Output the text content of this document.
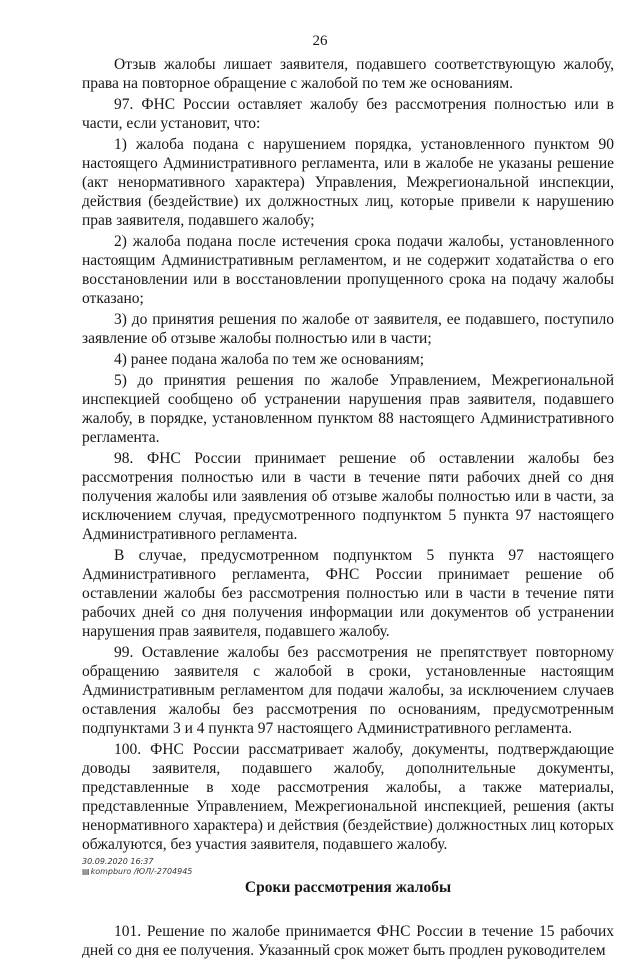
26

Отзыв жалобы лишает заявителя, подавшего соответствующую жалобу, права на повторное обращение с жалобой по тем же основаниям.

97. ФНС России оставляет жалобу без рассмотрения полностью или в части, если установит, что:

1) жалоба подана с нарушением порядка, установленного пунктом 90 настоящего Административного регламента, или в жалобе не указаны решение (акт ненормативного характера) Управления, Межрегиональной инспекции, действия (бездействие) их должностных лиц, которые привели к нарушению прав заявителя, подавшего жалобу;

2) жалоба подана после истечения срока подачи жалобы, установленного настоящим Административным регламентом, и не содержит ходатайства о его восстановлении или в восстановлении пропущенного срока на подачу жалобы отказано;

3) до принятия решения по жалобе от заявителя, ее подавшего, поступило заявление об отзыве жалобы полностью или в части;

4) ранее подана жалоба по тем же основаниям;

5) до принятия решения по жалобе Управлением, Межрегиональной инспекцией сообщено об устранении нарушения прав заявителя, подавшего жалобу, в порядке, установленном пунктом 88 настоящего Административного регламента.

98. ФНС России принимает решение об оставлении жалобы без рассмотрения полностью или в части в течение пяти рабочих дней со дня получения жалобы или заявления об отзыве жалобы полностью или в части, за исключением случая, предусмотренного подпунктом 5 пункта 97 настоящего Административного регламента.

В случае, предусмотренном подпунктом 5 пункта 97 настоящего Административного регламента, ФНС России принимает решение об оставлении жалобы без рассмотрения полностью или в части в течение пяти рабочих дней со дня получения информации или документов об устранении нарушения прав заявителя, подавшего жалобу.

99. Оставление жалобы без рассмотрения не препятствует повторному обращению заявителя с жалобой в сроки, установленные настоящим Административным регламентом для подачи жалобы, за исключением случаев оставления жалобы без рассмотрения по основаниям, предусмотренным подпунктами 3 и 4 пункта 97 настоящего Административного регламента.

100. ФНС России рассматривает жалобу, документы, подтверждающие доводы заявителя, подавшего жалобу, дополнительные документы, представленные в ходе рассмотрения жалобы, а также материалы, представленные Управлением, Межрегиональной инспекцией, решения (акты ненормативного характера) и действия (бездействие) должностных лиц которых обжалуются, без участия заявителя, подавшего жалобу.

Сроки рассмотрения жалобы

101. Решение по жалобе принимается ФНС России в течение 15 рабочих дней со дня ее получения. Указанный срок может быть продлен руководителем

30.09.2020 16:37
▤kompburo /ЮЛ/-2704945
